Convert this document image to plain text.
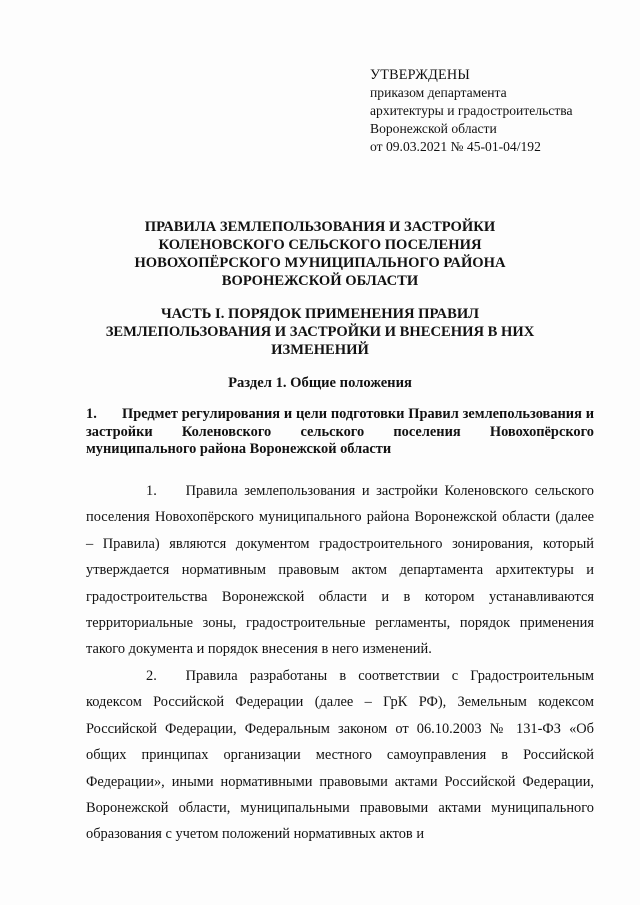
УТВЕРЖДЕНЫ
приказом департамента
архитектуры и градостроительства
Воронежской области
от 09.03.2021 № 45-01-04/192
ПРАВИЛА ЗЕМЛЕПОЛЬЗОВАНИЯ И ЗАСТРОЙКИ
КОЛЕНОВСКОГО СЕЛЬСКОГО ПОСЕЛЕНИЯ
НОВОХОПЁРСКОГО МУНИЦИПАЛЬНОГО РАЙОНА
ВОРОНЕЖСКОЙ ОБЛАСТИ
ЧАСТЬ I. ПОРЯДОК ПРИМЕНЕНИЯ ПРАВИЛ
ЗЕМЛЕПОЛЬЗОВАНИЯ И ЗАСТРОЙКИ И ВНЕСЕНИЯ В НИХ
ИЗМЕНЕНИЙ
Раздел 1. Общие положения
1. Предмет регулирования и цели подготовки Правил землепользования и застройки Коленовского сельского поселения Новохопёрского муниципального района Воронежской области
1.   Правила землепользования и застройки Коленовского сельского поселения Новохопёрского муниципального района Воронежской области (далее – Правила) являются документом градостроительного зонирования, который утверждается нормативным правовым актом департамента архитектуры и градостроительства Воронежской области и в котором устанавливаются территориальные зоны, градостроительные регламенты, порядок применения такого документа и порядок внесения в него изменений.
2.   Правила разработаны в соответствии с Градостроительным кодексом Российской Федерации (далее – ГрК РФ), Земельным кодексом Российской Федерации, Федеральным законом от 06.10.2003 № 131-ФЗ «Об общих принципах организации местного самоуправления в Российской Федерации», иными нормативными правовыми актами Российской Федерации, Воронежской области, муниципальными правовыми актами муниципального образования с учетом положений нормативных актов и
